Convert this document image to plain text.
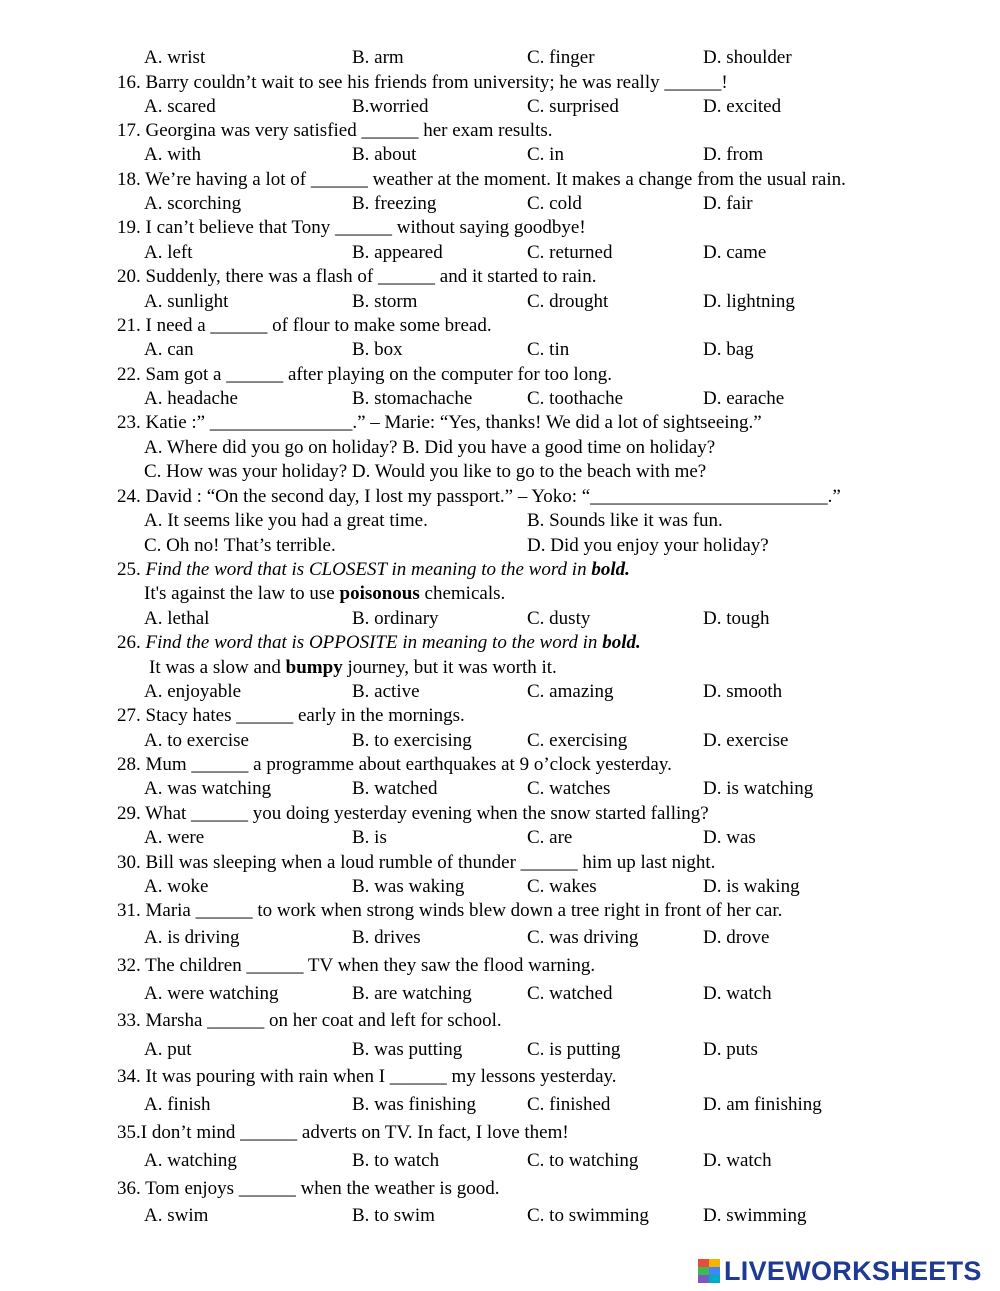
A. wrist	B. arm	C. finger	D. shoulder
16. Barry couldn’t wait to see his friends from university; he was really ______!
A. scared	B.worried	C. surprised	D. excited
17. Georgina was very satisfied ______ her exam results.
A. with	B. about	C. in	D. from
18. We’re having a lot of ______ weather at the moment. It makes a change from the usual rain.
A. scorching	B. freezing	C. cold	D. fair
19. I can’t believe that Tony ______ without saying goodbye!
A. left	B. appeared	C. returned	D. came
20. Suddenly, there was a flash of ______ and it started to rain.
A. sunlight	B. storm	C. drought	D. lightning
21. I need a ______ of flour to make some bread.
A. can	B. box	C. tin	D. bag
22. Sam got a ______ after playing on the computer for too long.
A. headache	B. stomachache	C. toothache	D. earache
23. Katie :” _______________.” – Marie: “Yes, thanks! We did a lot of sightseeing.”
A. Where did you go on holiday? B. Did you have a good time on holiday?
C. How was your holiday? D. Would you like to go to the beach with me?
24. David : “On the second day, I lost my passport.” – Yoko: “_________________________.”
A. It seems like you had a great time.	B. Sounds like it was fun.
C. Oh no! That’s terrible.	D. Did you enjoy your holiday?
25. Find the word that is CLOSEST in meaning to the word in bold.
It's against the law to use poisonous chemicals.
A. lethal	B. ordinary	C. dusty	D. tough
26. Find the word that is OPPOSITE in meaning to the word in bold.
It was a slow and bumpy journey, but it was worth it.
A. enjoyable	B. active	C. amazing	D. smooth
27. Stacy hates ______ early in the mornings.
A. to exercise	B. to exercising	C. exercising	D. exercise
28. Mum ______ a programme about earthquakes at 9 o’clock yesterday.
A. was watching	B. watched	C. watches	D. is watching
29. What ______ you doing yesterday evening when the snow started falling?
A. were	B. is	C. are	D. was
30. Bill was sleeping when a loud rumble of thunder ______ him up last night.
A. woke	B. was waking	C. wakes	D. is waking
31. Maria ______ to work when strong winds blew down a tree right in front of her car.
A. is driving	B. drives	C. was driving	D. drove
32. The children ______ TV when they saw the flood warning.
A. were watching	B. are watching	C. watched	D. watch
33. Marsha ______ on her coat and left for school.
A. put	B. was putting	C. is putting	D. puts
34. It was pouring with rain when I ______ my lessons yesterday.
A. finish	B. was finishing	C. finished	D. am finishing
35.I don’t mind ______ adverts on TV. In fact, I love them!
A. watching	B. to watch	C. to watching	D. watch
36. Tom enjoys ______ when the weather is good.
A. swim	B. to swim	C. to swimming	D. swimming
LIVEWORKSHEETS
